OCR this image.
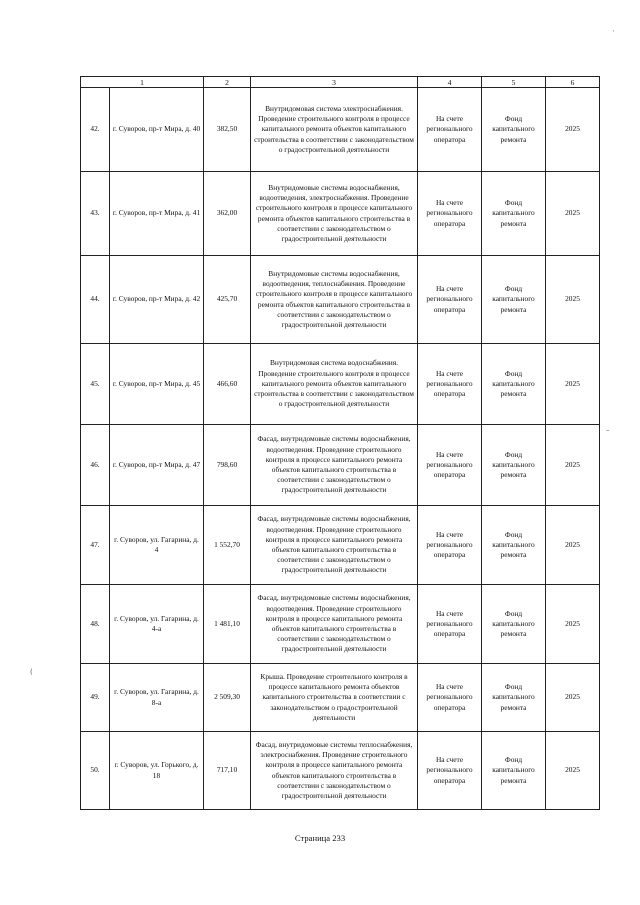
1		2	3	4	5	6
42.	г. Суворов, пр-т Мира, д. 40	382,50	Внутридомовая система электроснабжения. Проведение строительного контроля в процессе капитального ремонта объектов капитального строительства в соответствии с законодательством о градостроительной деятельности	На счете регионального оператора	Фонд капитального ремонта	2025
43.	г. Суворов, пр-т Мира, д. 41	362,00	Внутридомовые системы водоснабжения, водоотведения, электроснабжения. Проведение строительного контроля в процессе капитального ремонта объектов капитального строительства в соответствии с законодательством о градостроительной деятельности	На счете регионального оператора	Фонд капитального ремонта	2025
44.	г. Суворов, пр-т Мира, д. 42	425,70	Внутридомовые системы водоснабжения, водоотведения, теплоснабжения. Проведение строительного контроля в процессе капитального ремонта объектов капитального строительства в соответствии с законодательством о градостроительной деятельности	На счете регионального оператора	Фонд капитального ремонта	2025
45.	г. Суворов, пр-т Мира, д. 45	466,60	Внутридомовая система водоснабжения. Проведение строительного контроля в процессе капитального ремонта объектов капитального строительства в соответствии с законодательством о градостроительной деятельности	На счете регионального оператора	Фонд капитального ремонта	2025
46.	г. Суворов, пр-т Мира, д. 47	798,60	Фасад, внутридомовые системы водоснабжения, водоотведения. Проведение строительного контроля в процессе капитального ремонта объектов капитального строительства в соответствии с законодательством о градостроительной деятельности	На счете регионального оператора	Фонд капитального ремонта	2025
47.	г. Суворов, ул. Гагарина, д. 4	1 552,70	Фасад, внутридомовые системы водоснабжения, водоотведения. Проведение строительного контроля в процессе капитального ремонта объектов капитального строительства в соответствии с законодательством о градостроительной деятельности	На счете регионального оператора	Фонд капитального ремонта	2025
48.	г. Суворов, ул. Гагарина, д. 4-а	1 481,10	Фасад, внутридомовые системы водоснабжения, водоотведения. Проведение строительного контроля в процессе капитального ремонта объектов капитального строительства в соответствии с законодательством о градостроительной деятельности	На счете регионального оператора	Фонд капитального ремонта	2025
49.	г. Суворов, ул. Гагарина, д. 8-а	2 509,30	Крыша. Проведение строительного контроля в процессе капитального ремонта объектов капитального строительства в соответствии с законодательством о градостроительной деятельности	На счете регионального оператора	Фонд капитального ремонта	2025
50.	г. Суворов, ул. Горького, д. 18	717,10	Фасад, внутридомовые системы теплоснабжения, электроснабжения. Проведение строительного контроля в процессе капитального ремонта объектов капитального строительства в соответствии с законодательством о градостроительной деятельности	На счете регионального оператора	Фонд капитального ремонта	2025
Страница 233
ˋ
–
(
